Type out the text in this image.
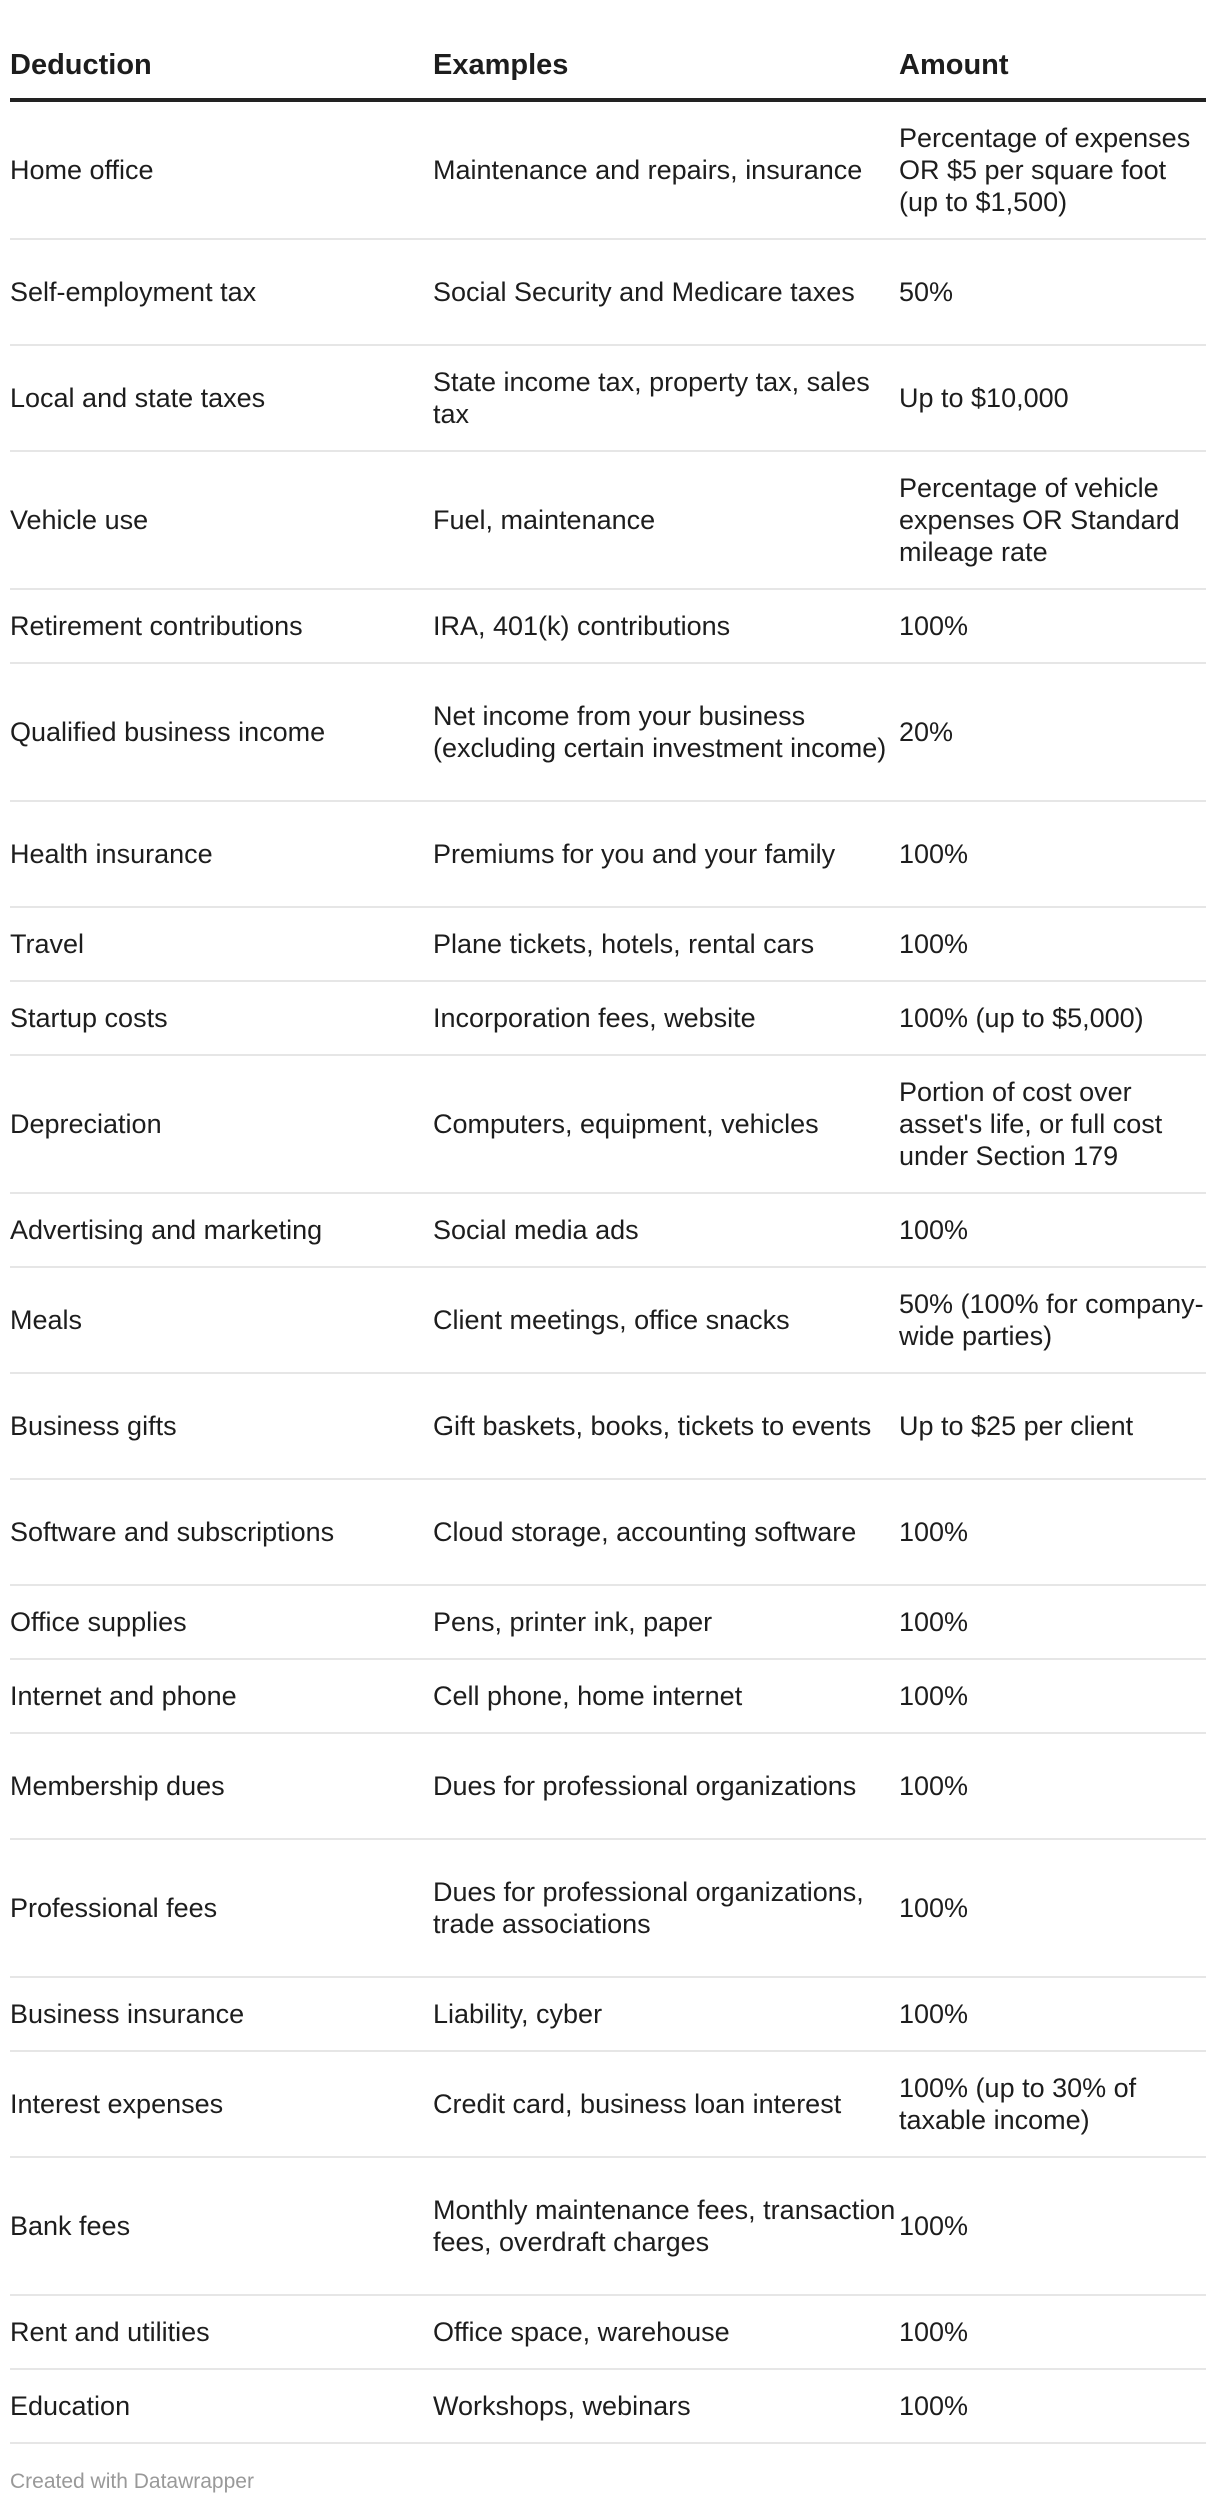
Deduction	Examples	Amount
Home office	Maintenance and repairs, insurance	Percentage of expenses OR $5 per square foot (up to $1,500)
Self-employment tax	Social Security and Medicare taxes	50%
Local and state taxes	State income tax, property tax, sales tax	Up to $10,000
Vehicle use	Fuel, maintenance	Percentage of vehicle expenses OR Standard mileage rate
Retirement contributions	IRA, 401(k) contributions	100%
Qualified business income	Net income from your business (excluding certain investment income)	20%
Health insurance	Premiums for you and your family	100%
Travel	Plane tickets, hotels, rental cars	100%
Startup costs	Incorporation fees, website	100% (up to $5,000)
Depreciation	Computers, equipment, vehicles	Portion of cost over asset's life, or full cost under Section 179
Advertising and marketing	Social media ads	100%
Meals	Client meetings, office snacks	50% (100% for company-wide parties)
Business gifts	Gift baskets, books, tickets to events	Up to $25 per client
Software and subscriptions	Cloud storage, accounting software	100%
Office supplies	Pens, printer ink, paper	100%
Internet and phone	Cell phone, home internet	100%
Membership dues	Dues for professional organizations	100%
Professional fees	Dues for professional organizations, trade associations	100%
Business insurance	Liability, cyber	100%
Interest expenses	Credit card, business loan interest	100% (up to 30% of taxable income)
Bank fees	Monthly maintenance fees, transaction fees, overdraft charges	100%
Rent and utilities	Office space, warehouse	100%
Education	Workshops, webinars	100%
Created with Datawrapper
